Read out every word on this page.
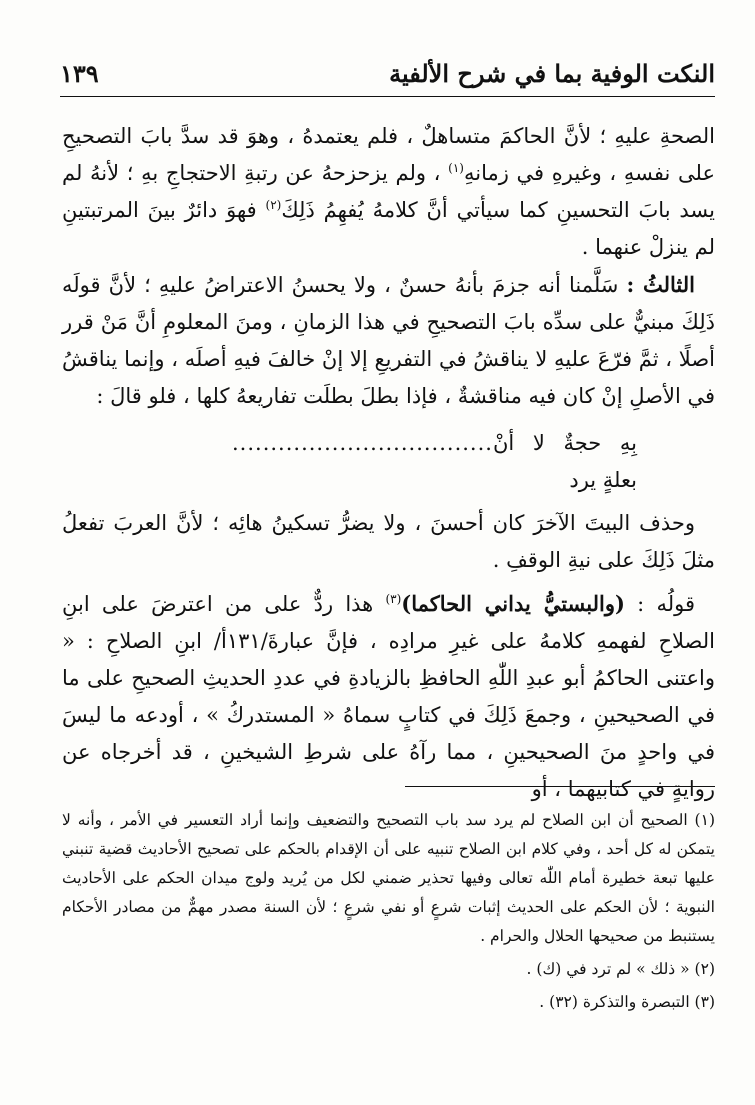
النكت الوفية بما في شرح الألفية
١٣٩

الصحةِ عليهِ ؛ لأنَّ الحاكمَ متساهلٌ ، فلم يعتمدهُ ، وهوَ قد سدَّ بابَ التصحيحِ على نفسهِ ، وغيرهِ في زمانهِ$^{(١)}$ ، ولم يزحزحهُ عن رتبةِ الاحتجاجِ بهِ ؛ لأنهُ لم يسد بابَ التحسينِ كما سيأتي أنَّ كلامهُ يُفهِمُ ذَلِكَ$^{(٢)}$ فهوَ دائرٌ بينَ المرتبتينِ لم ينزلْ عنهما .

الثالثُ : سَلَّمنا أنه جزمَ بأنهُ حسنٌ ، ولا يحسنُ الاعتراضُ عليهِ ؛ لأنَّ قولَه ذَلِكَ مبنيٌّ على سدِّه بابَ التصحيحِ في هذا الزمانِ ، ومنَ المعلومِ أنَّ مَنْ قرر أصلًا ، ثمَّ فرّعَ عليهِ لا يناقشُ في التفريعِ إلا إنْ خالفَ فيهِ أصلَه ، وإنما يناقشُ في الأصلِ إنْ كان فيه مناقشةٌ ، فإذا بطلَ بطلَت تفاريعهُ كلها ، فلو قالَ :

بِهِ حجةٌ لا أنْ بعلةٍ يرد
..................................

وحذف البيتَ الآخرَ كان أحسنَ ، ولا يضرُّ تسكينُ هائِه ؛ لأنَّ العربَ تفعلُ مثلَ ذَلِكَ على نيةِ الوقفِ .

قولُه : (والبستيُّ يداني الحاكما)$^{(٣)}$ هذا ردٌّ على من اعترضَ على ابنِ الصلاحِ لفهمهِ كلامهُ على غيرِ مرادِه ، فإنَّ عبارةَ/١٣١أ/ ابنِ الصلاحِ : « واعتنى الحاكمُ أبو عبدِ اللّٰهِ الحافظِ بالزيادةِ في عددِ الحديثِ الصحيحِ على ما في الصحيحينِ ، وجمعَ ذَلِكَ في كتابٍ سماهُ « المستدركُ » ، أودعه ما ليسَ في واحدٍ منَ الصحيحينِ ، مما رآهُ على شرطِ الشيخينِ ، قد أخرجاه عن روايةٍ في كتابيهما ، أو

(١) الصحيح أن ابن الصلاح لم يرد سد باب التصحيح والتضعيف وإنما أراد التعسير في الأمر ، وأنه لا يتمكن له كل أحد ، وفي كلام ابن الصلاح تنبيه على أن الإقدام بالحكم على تصحيح الأحاديث قضية تنبني عليها تبعة خطيرة أمام اللّٰه تعالى وفيها تحذير ضمني لكل من يُريد ولوج ميدان الحكم على الأحاديث النبوية ؛ لأن الحكم على الحديث إثبات شرعٍ أو نفي شرعٍ ؛ لأن السنة مصدر مهمٌّ من مصادر الأحكام يستنبط من صحيحها الحلال والحرام .

(٢) « ذلك » لم ترد في (ك) .

(٣) التبصرة والتذكرة (٣٢) .
